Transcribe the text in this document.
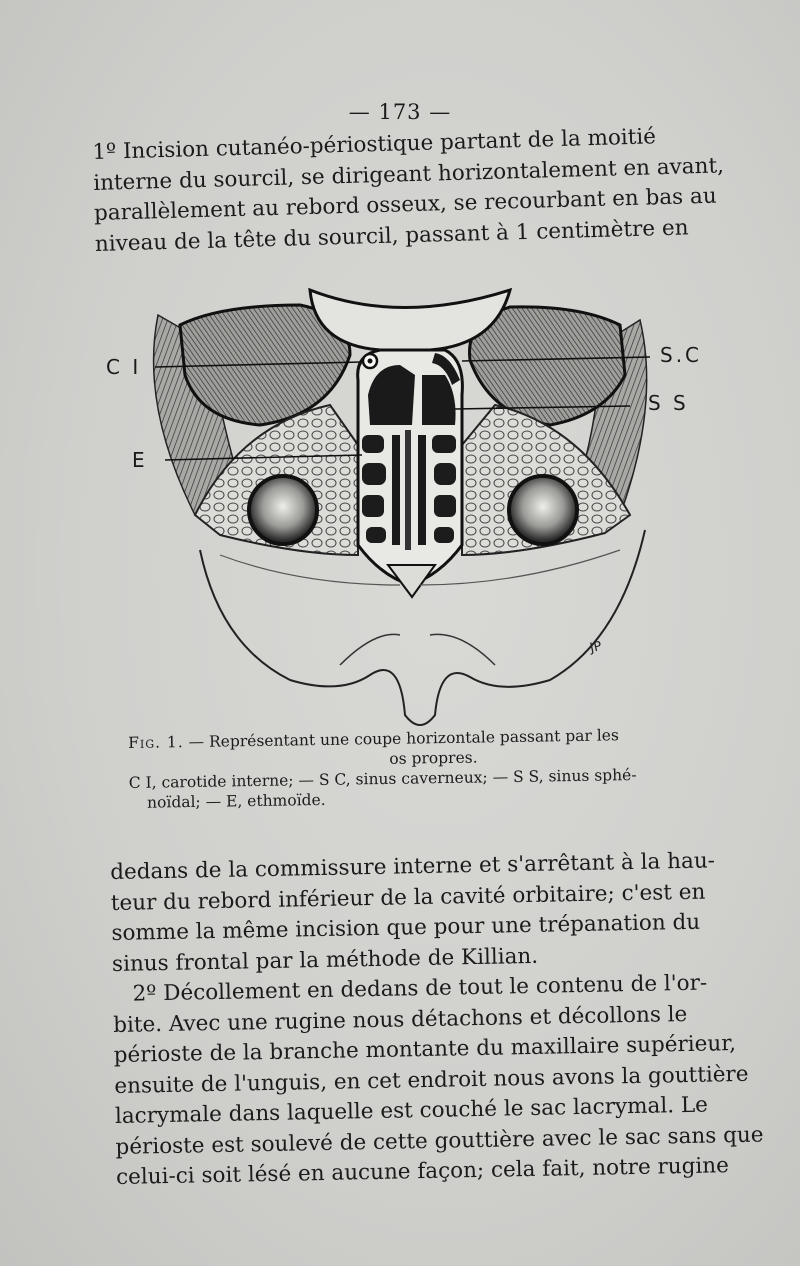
— 173 —

1º Incision cutanéo-périostique partant de la moitié
interne du sourcil, se dirigeant horizontalement en avant,
parallèlement au rebord osseux, se recourbant en bas au
niveau de la tête du sourcil, passant à 1 centimètre en

C I	S.C
S S
E
JP
Fig. 1. — Représentant une coupe horizontale passant par les
os propres.
C I, carotide interne; — S C, sinus caverneux; — S S, sinus sphé-
noïdal; — E, ethmoïde.

dedans de la commissure interne et s'arrêtant à la hau-
teur du rebord inférieur de la cavité orbitaire; c'est en
somme la même incision que pour une trépanation du
sinus frontal par la méthode de Killian.
2º Décollement en dedans de tout le contenu de l'or-
bite. Avec une rugine nous détachons et décollons le
périoste de la branche montante du maxillaire supérieur,
ensuite de l'unguis, en cet endroit nous avons la gouttière
lacrymale dans laquelle est couché le sac lacrymal. Le
périoste est soulevé de cette gouttière avec le sac sans que
celui-ci soit lésé en aucune façon; cela fait, notre rugine
